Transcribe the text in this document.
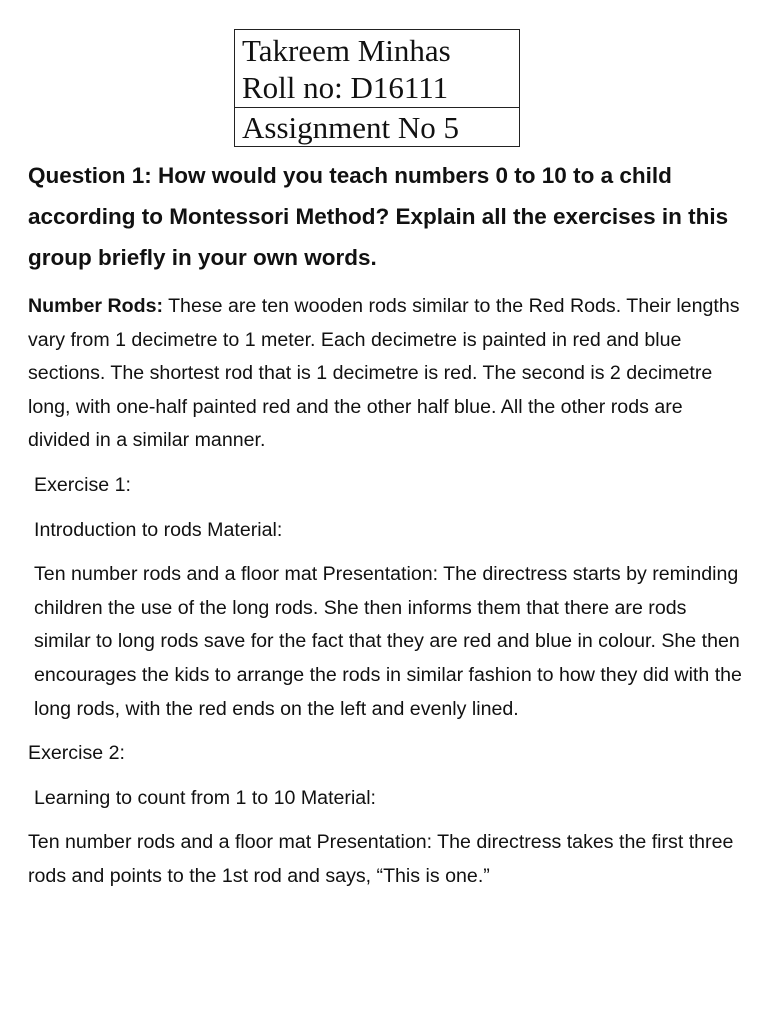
Takreem Minhas
Roll no: D16111
Assignment No 5
Question 1: How would you teach numbers 0 to 10 to a child according to Montessori Method? Explain all the exercises in this group briefly in your own words.

Number Rods: These are ten wooden rods similar to the Red Rods. Their lengths vary from 1 decimetre to 1 meter. Each decimetre is painted in red and blue sections. The shortest rod that is 1 decimetre is red. The second is 2 decimetre long, with one-half painted red and the other half blue. All the other rods are divided in a similar manner.

Exercise 1:

Introduction to rods Material:

Ten number rods and a floor mat Presentation: The directress starts by reminding children the use of the long rods. She then informs them that there are rods similar to long rods save for the fact that they are red and blue in colour. She then encourages the kids to arrange the rods in similar fashion to how they did with the long rods, with the red ends on the left and evenly lined.

Exercise 2:

Learning to count from 1 to 10 Material:

Ten number rods and a floor mat Presentation: The directress takes the first three rods and points to the 1st rod and says, “This is one.”
